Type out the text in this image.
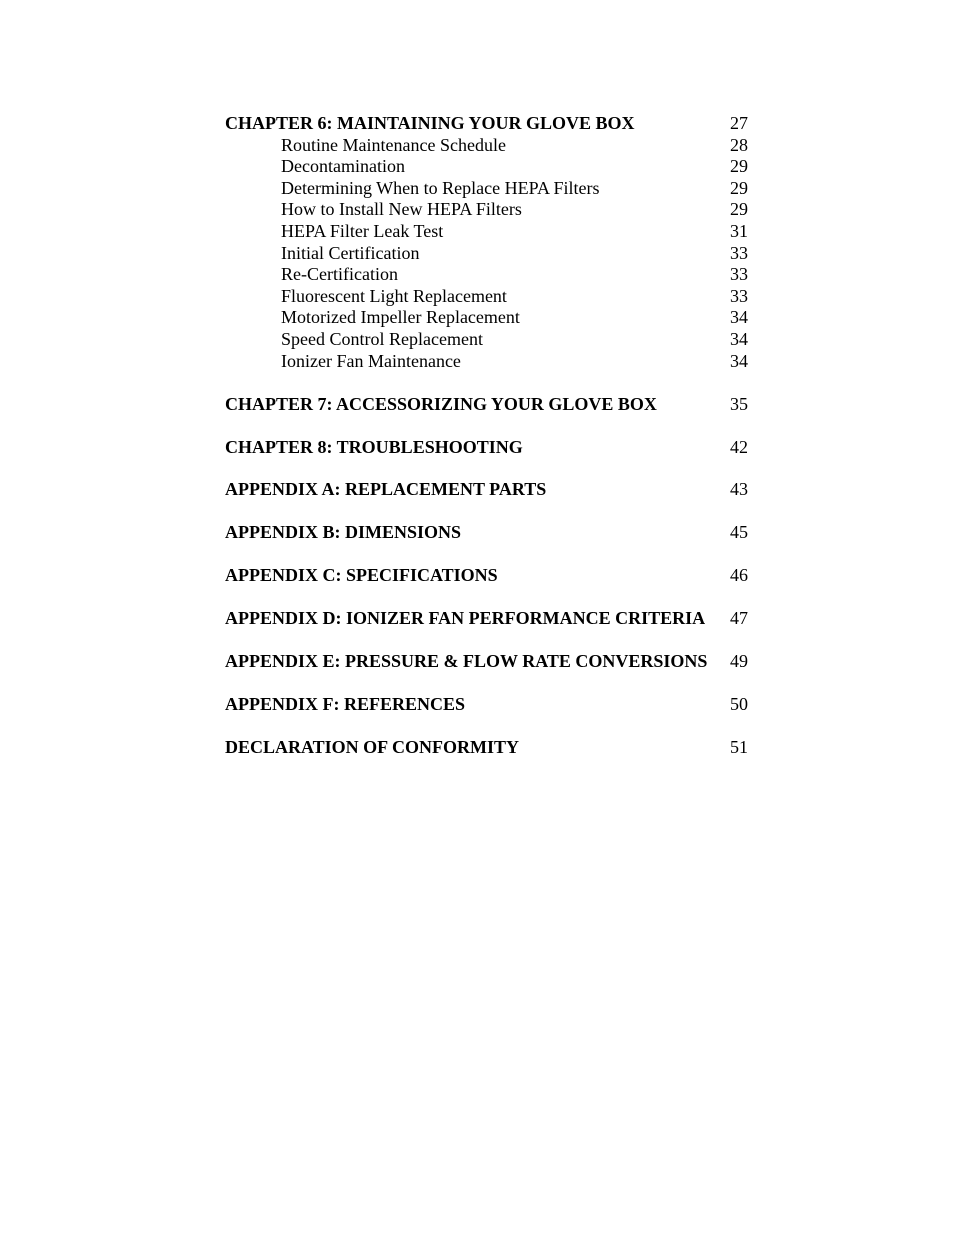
CHAPTER 6: MAINTAINING YOUR GLOVE BOX	27
Routine Maintenance Schedule	28
Decontamination	29
Determining When to Replace HEPA Filters	29
How to Install New HEPA Filters	29
HEPA Filter Leak Test	31
Initial Certification	33
Re-Certification	33
Fluorescent Light Replacement	33
Motorized Impeller Replacement	34
Speed Control Replacement	34
Ionizer Fan Maintenance	34
CHAPTER 7: ACCESSORIZING YOUR GLOVE BOX	35
CHAPTER 8: TROUBLESHOOTING	42
APPENDIX A: REPLACEMENT PARTS	43
APPENDIX B: DIMENSIONS	45
APPENDIX C: SPECIFICATIONS	46
APPENDIX D: IONIZER FAN PERFORMANCE CRITERIA 47
APPENDIX E: PRESSURE & FLOW RATE CONVERSIONS 49
APPENDIX F: REFERENCES	50
DECLARATION OF CONFORMITY	51
